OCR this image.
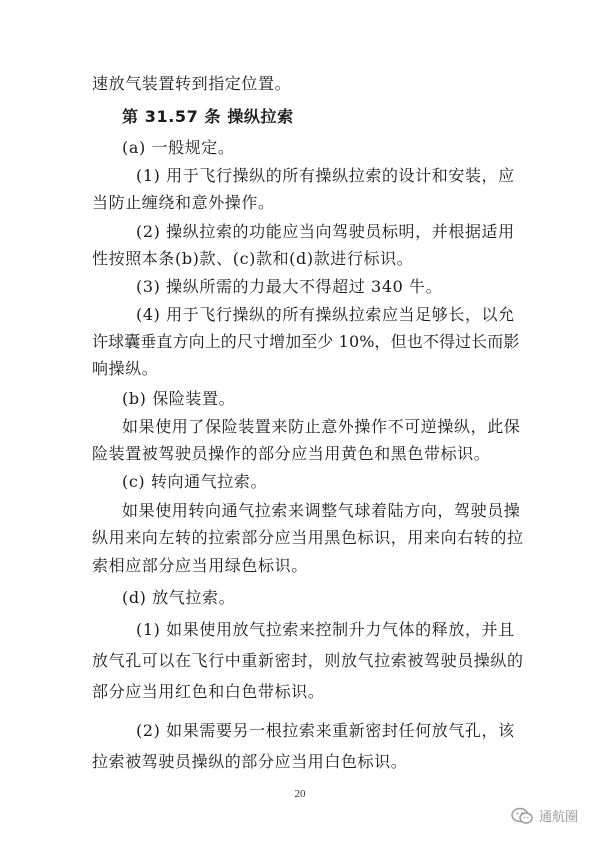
速放气装置转到指定位置。
第 31.57 条 操纵拉索
(a) 一般规定。
(1) 用于飞行操纵的所有操纵拉索的设计和安装，应
当防止缠绕和意外操作。
(2) 操纵拉索的功能应当向驾驶员标明，并根据适用
性按照本条(b)款、(c)款和(d)款进行标识。
(3) 操纵所需的力最大不得超过 340 牛。
(4) 用于飞行操纵的所有操纵拉索应当足够长，以允
许球囊垂直方向上的尺寸增加至少 10%，但也不得过长而影
响操纵。
(b) 保险装置。
如果使用了保险装置来防止意外操作不可逆操纵，此保
险装置被驾驶员操作的部分应当用黄色和黑色带标识。
(c) 转向通气拉索。
如果使用转向通气拉索来调整气球着陆方向，驾驶员操
纵用来向左转的拉索部分应当用黑色标识，用来向右转的拉
索相应部分应当用绿色标识。
(d) 放气拉索。
(1) 如果使用放气拉索来控制升力气体的释放，并且
放气孔可以在飞行中重新密封，则放气拉索被驾驶员操纵的
部分应当用红色和白色带标识。
20
通航圈
(2) 如果需要另一根拉索来重新密封任何放气孔，该
拉索被驾驶员操纵的部分应当用白色标识。
